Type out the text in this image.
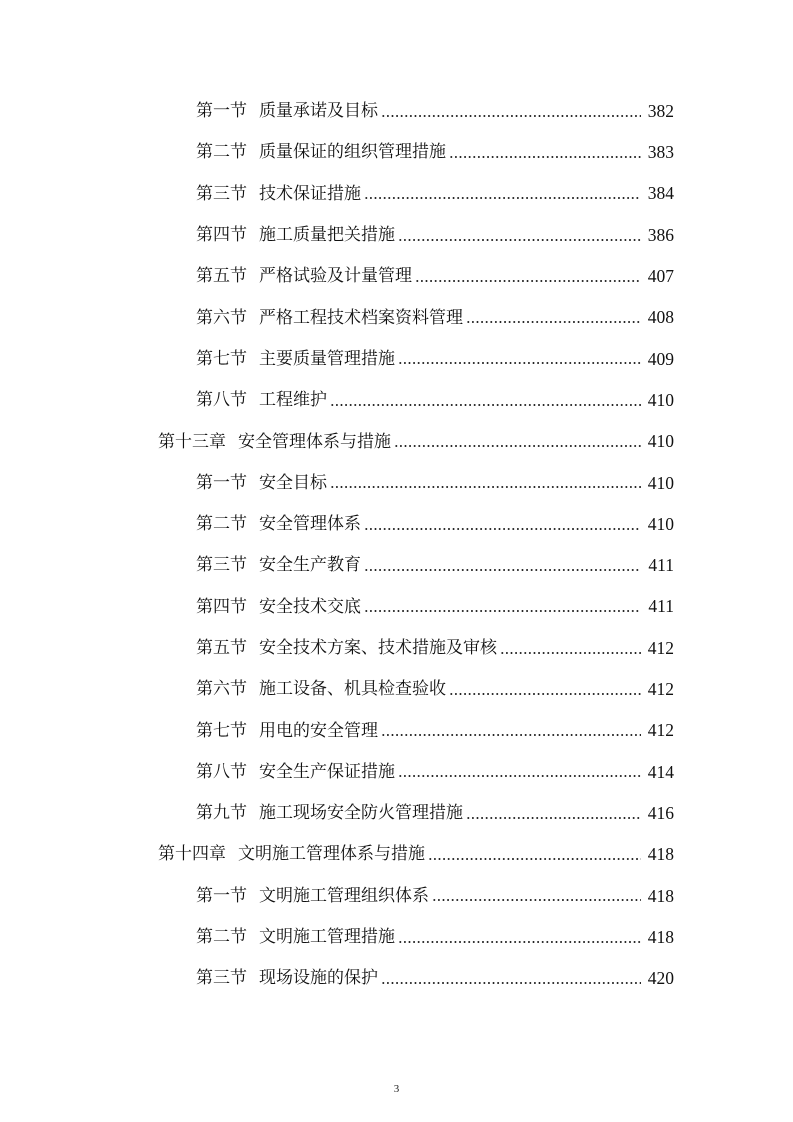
第一节 质量承诺及目标	382
第二节 质量保证的组织管理措施	383
第三节 技术保证措施	384
第四节 施工质量把关措施	386
第五节 严格试验及计量管理	407
第六节 严格工程技术档案资料管理	408
第七节 主要质量管理措施	409
第八节 工程维护	410
第十三章 安全管理体系与措施	410
第一节 安全目标	410
第二节 安全管理体系	410
第三节 安全生产教育	411
第四节 安全技术交底	411
第五节 安全技术方案、技术措施及审核	412
第六节 施工设备、机具检查验收	412
第七节 用电的安全管理	412
第八节 安全生产保证措施	414
第九节 施工现场安全防火管理措施	416
第十四章 文明施工管理体系与措施	418
第一节 文明施工管理组织体系	418
第二节 文明施工管理措施	418
第三节 现场设施的保护	420
3
